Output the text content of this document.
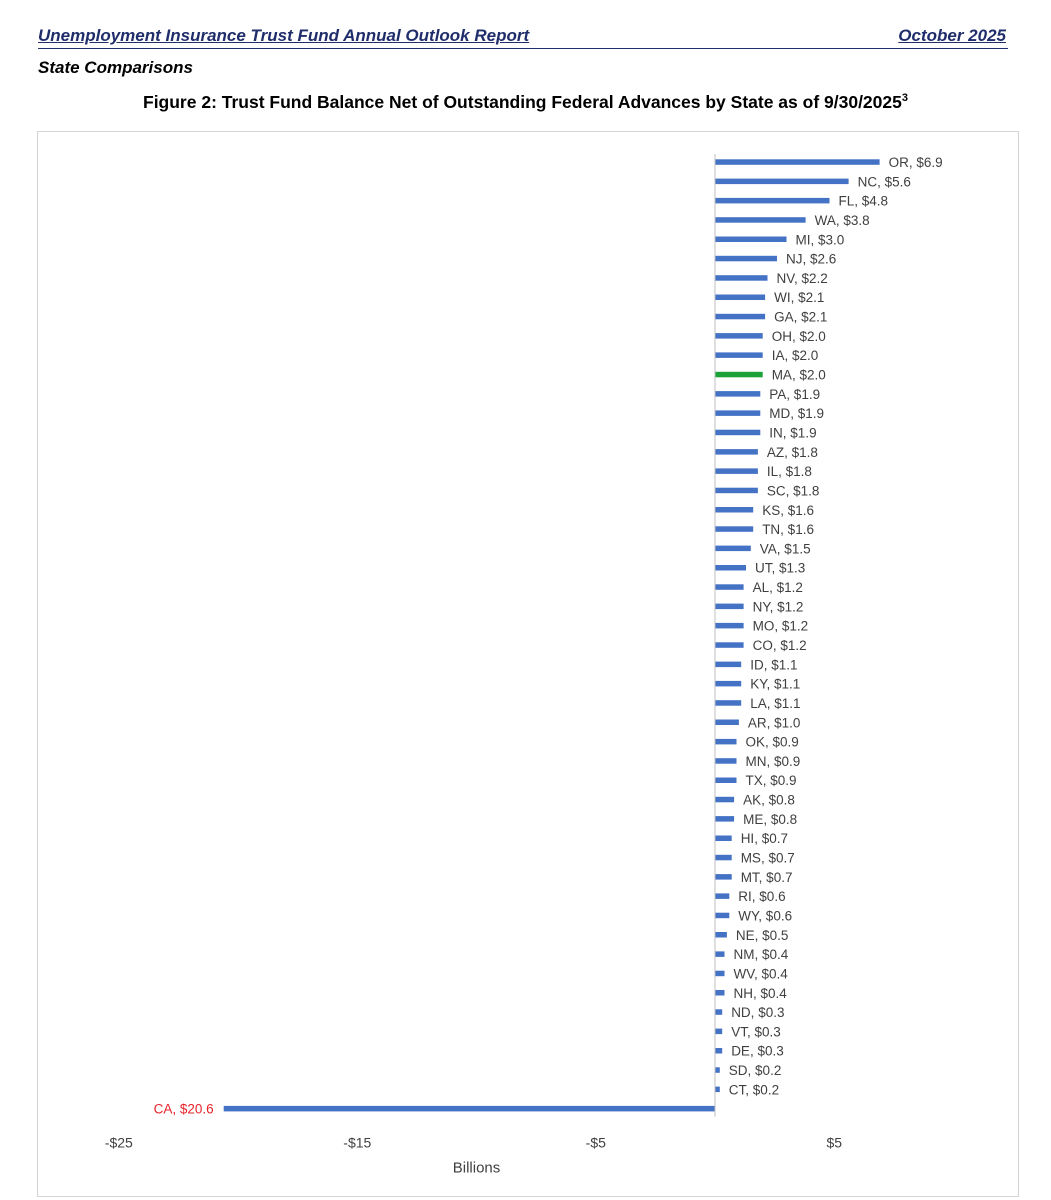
Unemployment Insurance Trust Fund Annual Outlook Report	October 2025
State Comparisons
Figure 2: Trust Fund Balance Net of Outstanding Federal Advances by State as of 9/30/2025$^3$
OR, $6.9
NC, $5.6
FL, $4.8
WA, $3.8
MI, $3.0
NJ, $2.6
NV, $2.2
WI, $2.1
GA, $2.1
OH, $2.0
IA, $2.0
MA, $2.0
PA, $1.9
MD, $1.9
IN, $1.9
AZ, $1.8
IL, $1.8
SC, $1.8
KS, $1.6
TN, $1.6
VA, $1.5
UT, $1.3
AL, $1.2
NY, $1.2
MO, $1.2
CO, $1.2
ID, $1.1
KY, $1.1
LA, $1.1
AR, $1.0
OK, $0.9
MN, $0.9
TX, $0.9
AK, $0.8
ME, $0.8
HI, $0.7
MS, $0.7
MT, $0.7
RI, $0.6
WY, $0.6
NE, $0.5
NM, $0.4
WV, $0.4
NH, $0.4
ND, $0.3
VT, $0.3
DE, $0.3
SD, $0.2
CT, $0.2
CA, $20.6
-$25	-$15	-$5	$5
Billions
